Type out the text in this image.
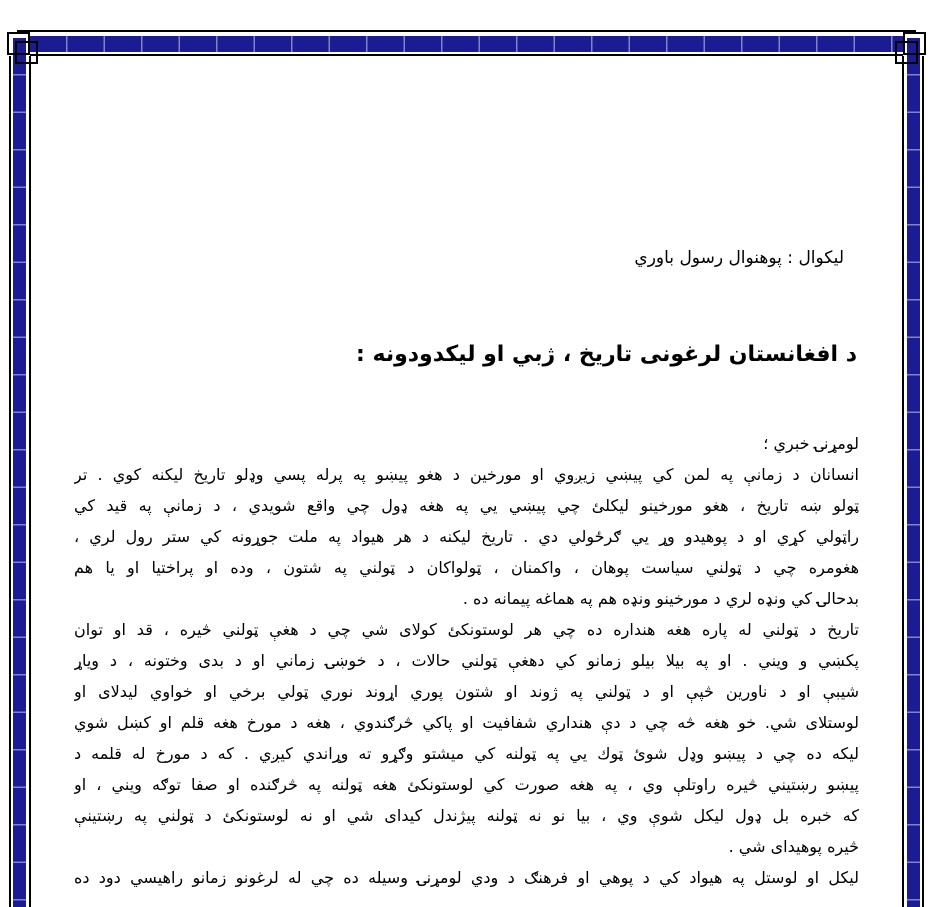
ليكوال : پوهنوال رسول باوري
د افغانستان لرغونی تاريخ ، ژبي او ليكدودونه :
لومړنۍ خبري ؛
انسانان د زمانې په لمن كي پيښي زيږوي او مورخين د هغو پيښو په پرله پسي وډلو تاريخ ليكنه كوي . تر
ټولو ښه تاريخ ، هغو مورخينو ليكلئ چي پيښي يي په هغه ډول چي واقع شويدي ، د زمانې په قيد كي
راټولي كړي او د پوهيدو وړ يي ګرځولي دي . تاريخ ليكنه د هر هيواد په ملت جوړونه كي ستر رول لري ،
هغومره چي د ټولني سياست پوهان ، واكمنان ، ټولواكان د ټولني په شتون ، وده او پراختيا او يا هم
بدحالۍ كي ونډه لري د مورخينو ونډه هم په هماغه پيمانه ده .
تاريخ د ټولني له پاره هغه هنداره ده چي هر لوستونكئ كولای شي چي د هغې ټولني څيره ، قد او توان
پكښي و ويني . او په بيلا بيلو زمانو كي دهغې ټولني حالات ، د خوښۍ زماني او د بدی وختونه ، د وياړ
شيبې او د ناورين څپې او د ټولني په ژوند او شتون پوري اړوند نوري ټولي برخي او خواوي ليدلای او
لوستلای شي. خو هغه څه چي د دې هنداري شفافيت او پاكي څرګندوي ، هغه د مورخ هغه قلم او كښل شوي
ليكه ده چي د پيښو وډل شوئ ټوك يي په ټولنه كي ميشتو وګړو ته وړاندي كيږي . كه د مورخ له قلمه د
پيښو رښتيني څيره راوتلې وي ، په هغه صورت كي لوستونكئ هغه ټولنه په څرګنده او صفا توګه ويني ، او
كه خبره بل ډول ليكل شوې وي ، بيا نو نه ټولنه پيژندل كيدای شي او نه لوستونكئ د ټولني په رښتينې
څيره پوهيدای شي .
ليكل او لوستل په هيواد كي د پوهي او فرهنګ د ودي لومړنۍ وسيله ده چي له لرغونو زمانو راهيسي دود ده
